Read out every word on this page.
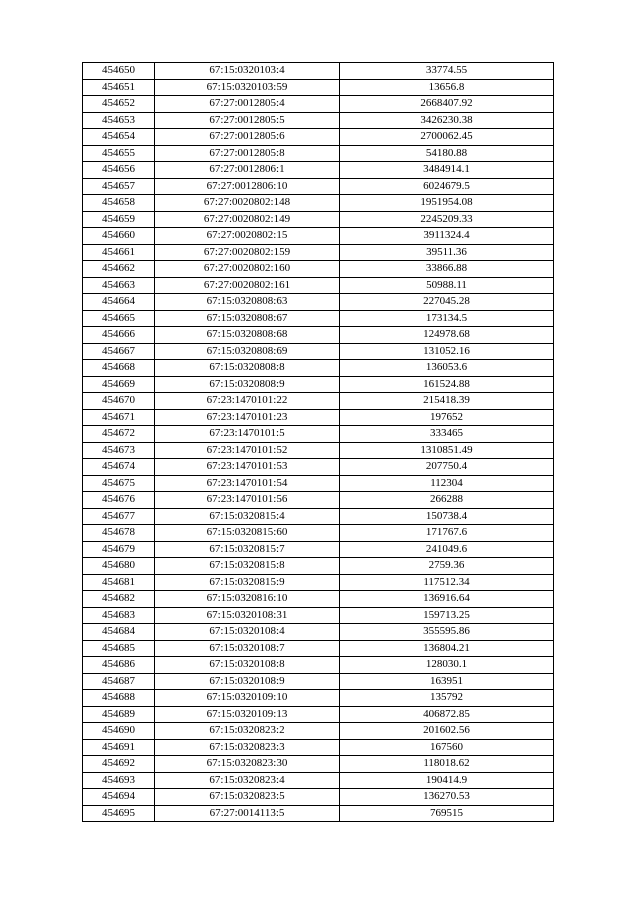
454650	67:15:0320103:4	33774.55
454651	67:15:0320103:59	13656.8
454652	67:27:0012805:4	2668407.92
454653	67:27:0012805:5	3426230.38
454654	67:27:0012805:6	2700062.45
454655	67:27:0012805:8	54180.88
454656	67:27:0012806:1	3484914.1
454657	67:27:0012806:10	6024679.5
454658	67:27:0020802:148	1951954.08
454659	67:27:0020802:149	2245209.33
454660	67:27:0020802:15	3911324.4
454661	67:27:0020802:159	39511.36
454662	67:27:0020802:160	33866.88
454663	67:27:0020802:161	50988.11
454664	67:15:0320808:63	227045.28
454665	67:15:0320808:67	173134.5
454666	67:15:0320808:68	124978.68
454667	67:15:0320808:69	131052.16
454668	67:15:0320808:8	136053.6
454669	67:15:0320808:9	161524.88
454670	67:23:1470101:22	215418.39
454671	67:23:1470101:23	197652
454672	67:23:1470101:5	333465
454673	67:23:1470101:52	1310851.49
454674	67:23:1470101:53	207750.4
454675	67:23:1470101:54	112304
454676	67:23:1470101:56	266288
454677	67:15:0320815:4	150738.4
454678	67:15:0320815:60	171767.6
454679	67:15:0320815:7	241049.6
454680	67:15:0320815:8	2759.36
454681	67:15:0320815:9	117512.34
454682	67:15:0320816:10	136916.64
454683	67:15:0320108:31	159713.25
454684	67:15:0320108:4	355595.86
454685	67:15:0320108:7	136804.21
454686	67:15:0320108:8	128030.1
454687	67:15:0320108:9	163951
454688	67:15:0320109:10	135792
454689	67:15:0320109:13	406872.85
454690	67:15:0320823:2	201602.56
454691	67:15:0320823:3	167560
454692	67:15:0320823:30	118018.62
454693	67:15:0320823:4	190414.9
454694	67:15:0320823:5	136270.53
454695	67:27:0014113:5	769515
